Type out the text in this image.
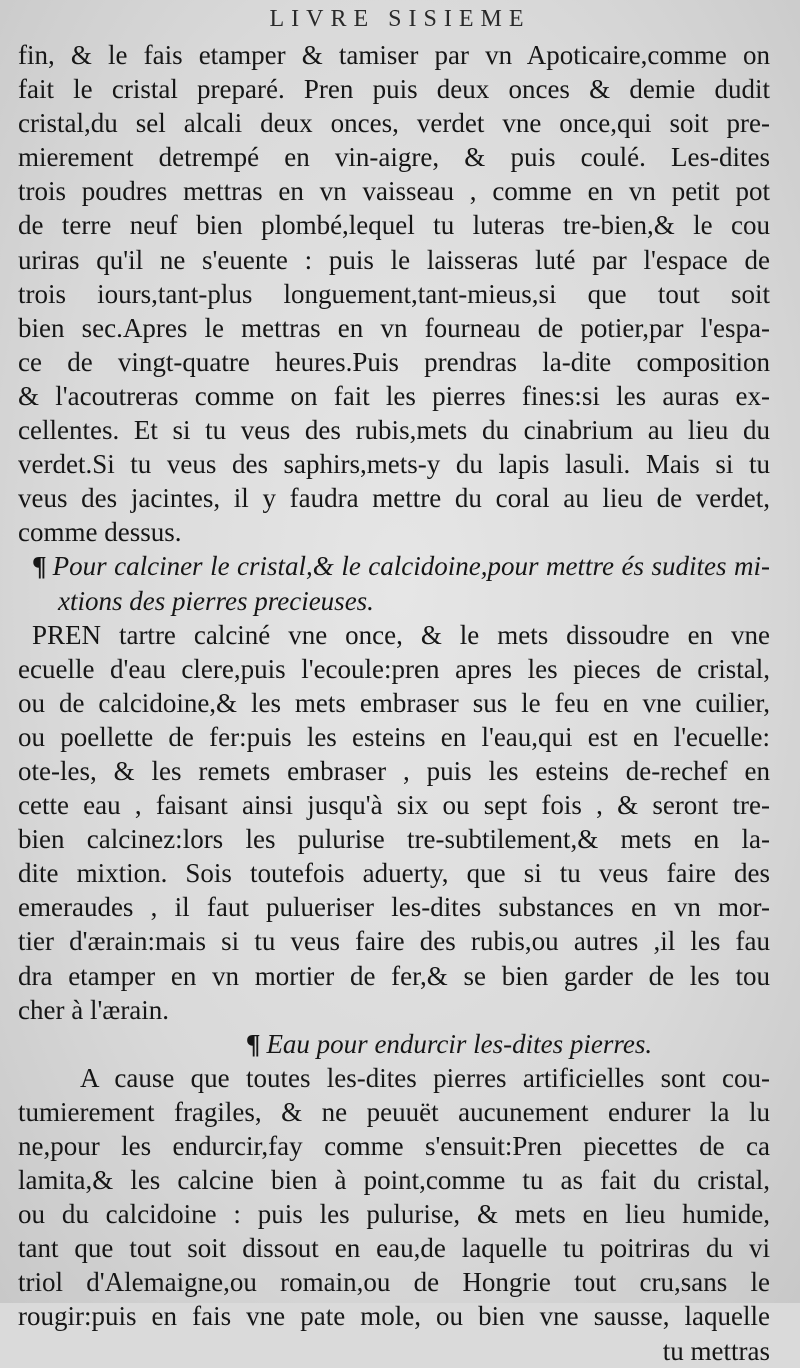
LIVRE SISIEME
fin, & le fais etamper & tamiser par vn Apoticaire,comme on
fait le cristal preparé. Pren puis deux onces & demie dudit
cristal,du sel alcali deux onces, verdet vne once,qui soit pre-
mierement detrempé en vin-aigre, & puis coulé. Les-dites
trois poudres mettras en vn vaisseau , comme en vn petit pot
de terre neuf bien plombé,lequel tu luteras tre-bien,& le cou
uriras qu'il ne s'euente : puis le laisseras luté par l'espace de
trois iours,tant-plus longuement,tant-mieus,si que tout soit
bien sec.Apres le mettras en vn fourneau de potier,par l'espa-
ce de vingt-quatre heures.Puis prendras la-dite composition
& l'acoutreras comme on fait les pierres fines:si les auras ex-
cellentes. Et si tu veus des rubis,mets du cinabrium au lieu du
verdet.Si tu veus des saphirs,mets-y du lapis lasuli. Mais si tu
veus des jacintes, il y faudra mettre du coral au lieu de verdet,
comme dessus.
¶ Pour calciner le cristal,& le calcidoine,pour mettre és sudites mi-
xtions des pierres precieuses.
PREN tartre calciné vne once, & le mets dissoudre en vne
ecuelle d'eau clere,puis l'ecoule:pren apres les pieces de cristal,
ou de calcidoine,& les mets embraser sus le feu en vne cuilier,
ou poellette de fer:puis les esteins en l'eau,qui est en l'ecuelle:
ote-les, & les remets embraser , puis les esteins de-rechef en
cette eau , faisant ainsi jusqu'à six ou sept fois , & seront tre-
bien calcinez:lors les pulurise tre-subtilement,& mets en la-
dite mixtion. Sois toutefois aduerty, que si tu veus faire des
emeraudes , il faut pulueriser les-dites substances en vn mor-
tier d'ærain:mais si tu veus faire des rubis,ou autres ,il les fau
dra etamper en vn mortier de fer,& se bien garder de les tou
cher à l'ærain.
¶ Eau pour endurcir les-dites pierres.
A cause que toutes les-dites pierres artificielles sont cou-
tumierement fragiles, & ne peuuët aucunement endurer la lu
ne,pour les endurcir,fay comme s'ensuit:Pren piecettes de ca
lamita,& les calcine bien à point,comme tu as fait du cristal,
ou du calcidoine : puis les pulurise, & mets en lieu humide,
tant que tout soit dissout en eau,de laquelle tu poitriras du vi
triol d'Alemaigne,ou romain,ou de Hongrie tout cru,sans le
rougir:puis en fais vne pate mole, ou bien vne sausse, laquelle
tu mettras
